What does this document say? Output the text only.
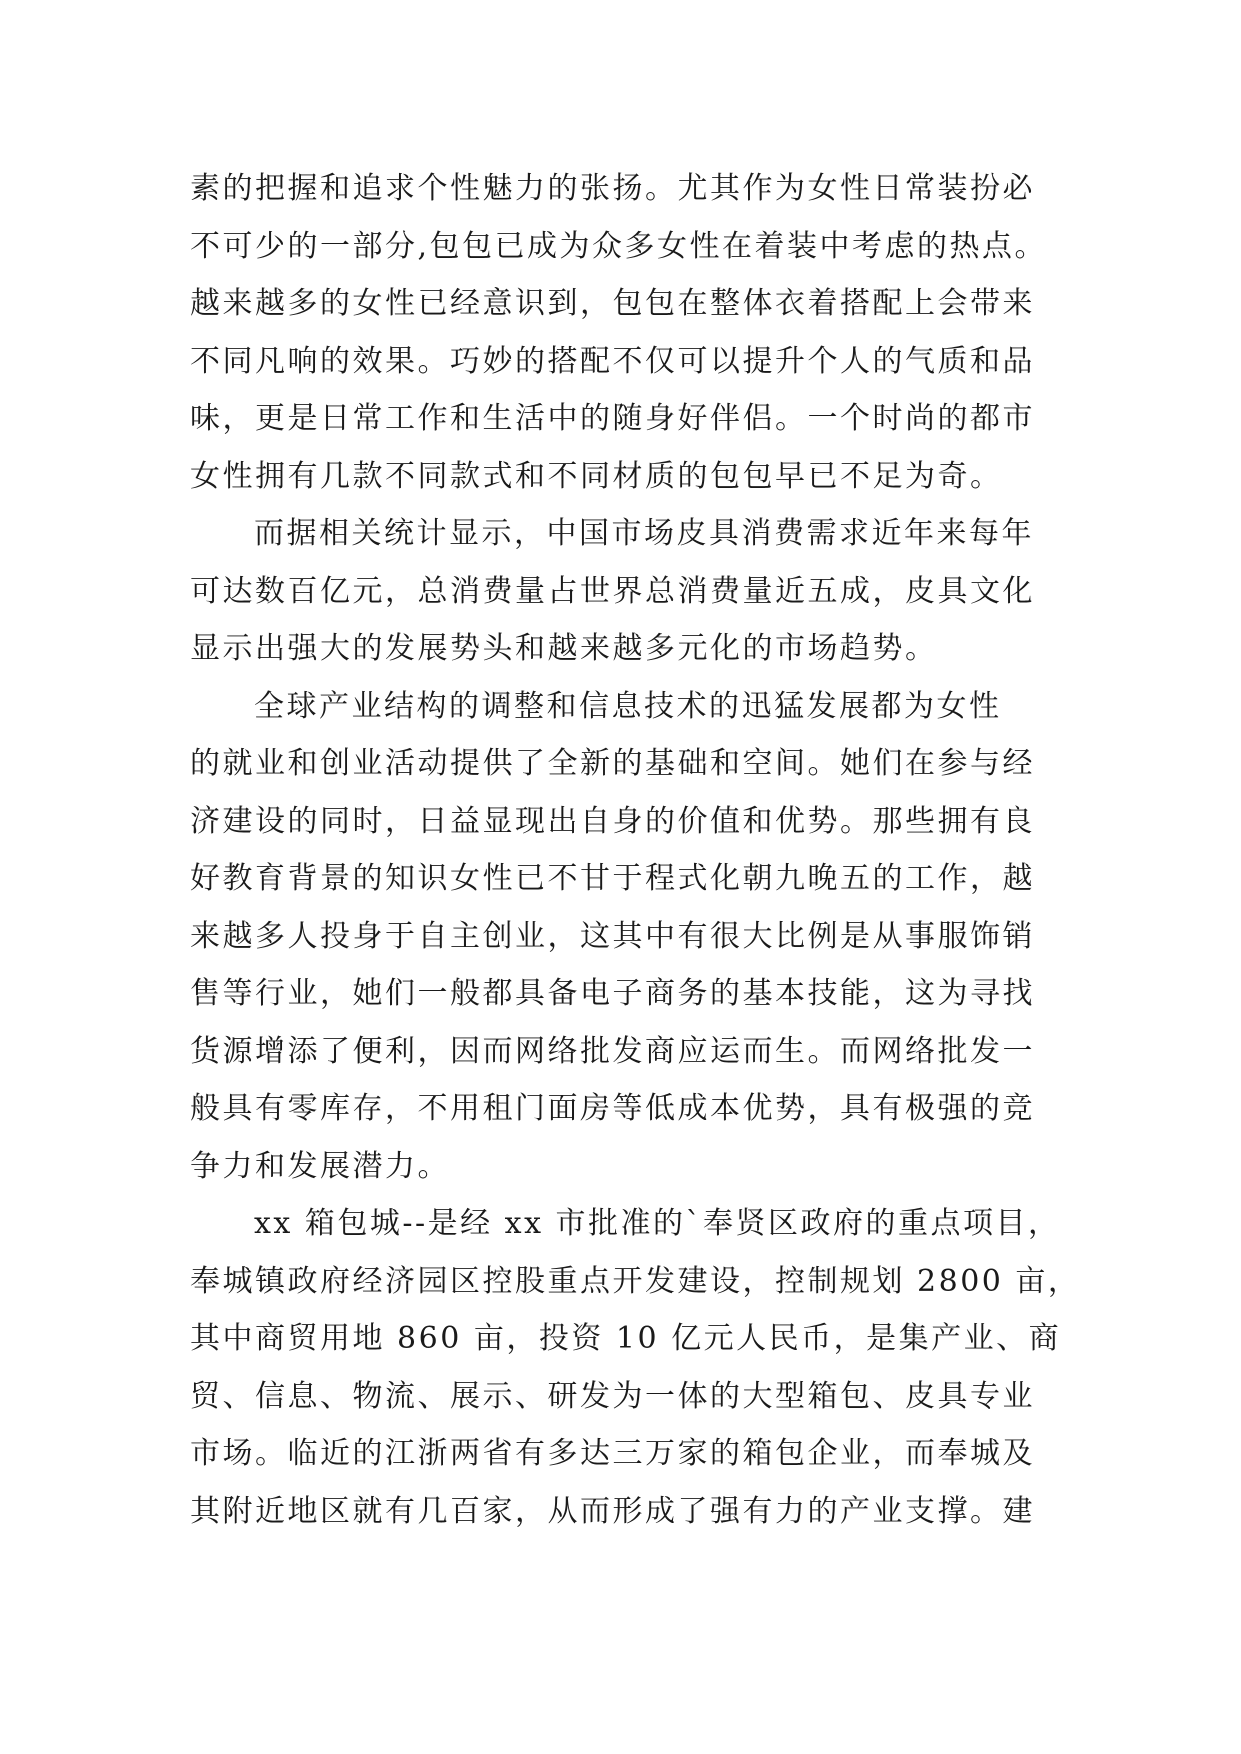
素的把握和追求个性魅力的张扬。尤其作为女性日常装扮必
不可少的一部分,包包已成为众多女性在着装中考虑的热点。
越来越多的女性已经意识到，包包在整体衣着搭配上会带来
不同凡响的效果。巧妙的搭配不仅可以提升个人的气质和品
味，更是日常工作和生活中的随身好伴侣。一个时尚的都市
女性拥有几款不同款式和不同材质的包包早已不足为奇。
而据相关统计显示，中国市场皮具消费需求近年来每年
可达数百亿元，总消费量占世界总消费量近五成，皮具文化
显示出强大的发展势头和越来越多元化的市场趋势。
全球产业结构的调整和信息技术的迅猛发展都为女性
的就业和创业活动提供了全新的基础和空间。她们在参与经
济建设的同时，日益显现出自身的价值和优势。那些拥有良
好教育背景的知识女性已不甘于程式化朝九晚五的工作，越
来越多人投身于自主创业，这其中有很大比例是从事服饰销
售等行业，她们一般都具备电子商务的基本技能，这为寻找
货源增添了便利，因而网络批发商应运而生。而网络批发一
般具有零库存，不用租门面房等低成本优势，具有极强的竞
争力和发展潜力。
xx 箱包城--是经 xx 市批准的`奉贤区政府的重点项目，
奉城镇政府经济园区控股重点开发建设，控制规划 2800 亩，
其中商贸用地 860 亩，投资 10 亿元人民币，是集产业、商
贸、信息、物流、展示、研发为一体的大型箱包、皮具专业
市场。临近的江浙两省有多达三万家的箱包企业，而奉城及
其附近地区就有几百家，从而形成了强有力的产业支撑。建
